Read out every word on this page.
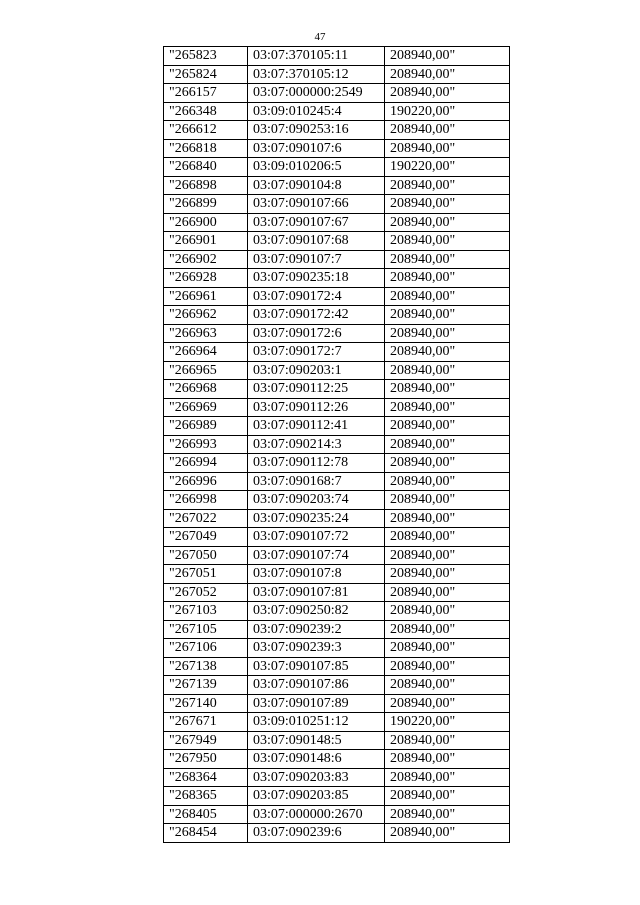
47
"265823	03:07:370105:11	208940,00"
"265824	03:07:370105:12	208940,00"
"266157	03:07:000000:2549	208940,00"
"266348	03:09:010245:4	190220,00"
"266612	03:07:090253:16	208940,00"
"266818	03:07:090107:6	208940,00"
"266840	03:09:010206:5	190220,00"
"266898	03:07:090104:8	208940,00"
"266899	03:07:090107:66	208940,00"
"266900	03:07:090107:67	208940,00"
"266901	03:07:090107:68	208940,00"
"266902	03:07:090107:7	208940,00"
"266928	03:07:090235:18	208940,00"
"266961	03:07:090172:4	208940,00"
"266962	03:07:090172:42	208940,00"
"266963	03:07:090172:6	208940,00"
"266964	03:07:090172:7	208940,00"
"266965	03:07:090203:1	208940,00"
"266968	03:07:090112:25	208940,00"
"266969	03:07:090112:26	208940,00"
"266989	03:07:090112:41	208940,00"
"266993	03:07:090214:3	208940,00"
"266994	03:07:090112:78	208940,00"
"266996	03:07:090168:7	208940,00"
"266998	03:07:090203:74	208940,00"
"267022	03:07:090235:24	208940,00"
"267049	03:07:090107:72	208940,00"
"267050	03:07:090107:74	208940,00"
"267051	03:07:090107:8	208940,00"
"267052	03:07:090107:81	208940,00"
"267103	03:07:090250:82	208940,00"
"267105	03:07:090239:2	208940,00"
"267106	03:07:090239:3	208940,00"
"267138	03:07:090107:85	208940,00"
"267139	03:07:090107:86	208940,00"
"267140	03:07:090107:89	208940,00"
"267671	03:09:010251:12	190220,00"
"267949	03:07:090148:5	208940,00"
"267950	03:07:090148:6	208940,00"
"268364	03:07:090203:83	208940,00"
"268365	03:07:090203:85	208940,00"
"268405	03:07:000000:2670	208940,00"
"268454	03:07:090239:6	208940,00"
